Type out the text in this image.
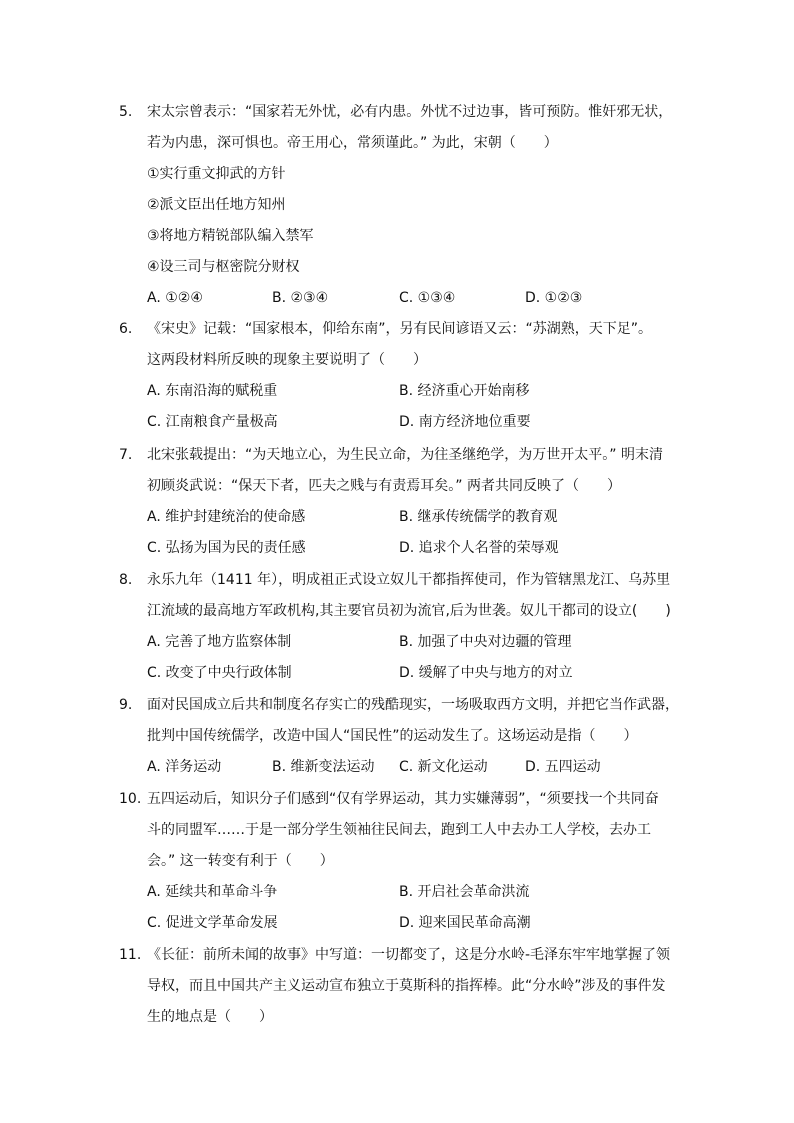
5. 宋太宗曾表示：“国家若无外忧，必有内患。外忧不过边事，皆可预防。惟奸邪无状，
若为内患，深可惧也。帝王用心，常须谨此。” 为此，宋朝（　　）
①实行重文抑武的方针
②派文臣出任地方知州
③将地方精锐部队编入禁军
④设三司与枢密院分财权
A. ①②④	B. ②③④	C. ①③④	D. ①②③
6. 《宋史》记载：“国家根本，仰给东南”，另有民间谚语又云：“苏湖熟，天下足”。
这两段材料所反映的现象主要说明了（　　）
A. 东南沿海的赋税重	B. 经济重心开始南移
C. 江南粮食产量极高	D. 南方经济地位重要
7. 北宋张载提出：“为天地立心，为生民立命，为往圣继绝学，为万世开太平。” 明末清
初顾炎武说：“保天下者，匹夫之贱与有责焉耳矣。” 两者共同反映了（　　）
A. 维护封建统治的使命感	B. 继承传统儒学的教育观
C. 弘扬为国为民的责任感	D. 追求个人名誉的荣辱观
8. 永乐九年（1411 年），明成祖正式设立奴儿干都指挥使司，作为管辖黑龙江、乌苏里
江流域的最高地方军政机构,其主要官员初为流官,后为世袭。奴儿干都司的设立(　　)
A. 完善了地方监察体制	B. 加强了中央对边疆的管理
C. 改变了中央行政体制	D. 缓解了中央与地方的对立
9. 面对民国成立后共和制度名存实亡的残酷现实，一场吸取西方文明，并把它当作武器，
批判中国传统儒学，改造中国人“国民性”的运动发生了。这场运动是指（　　）
A. 洋务运动	B. 维新变法运动 C. 新文化运动	D. 五四运动
10. 五四运动后，知识分子们感到“仅有学界运动，其力实嫌薄弱”，“须要找一个共同奋
斗的同盟军……于是一部分学生领袖往民间去，跑到工人中去办工人学校，去办工
会。” 这一转变有利于（　　）
A. 延续共和革命斗争	B. 开启社会革命洪流
C. 促进文学革命发展	D. 迎来国民革命高潮
11. 《长征：前所未闻的故事》中写道：一切都变了，这是分水岭-毛泽东牢牢地掌握了领
导权，而且中国共产主义运动宣布独立于莫斯科的指挥棒。此“分水岭”涉及的事件发
生的地点是（　　）
